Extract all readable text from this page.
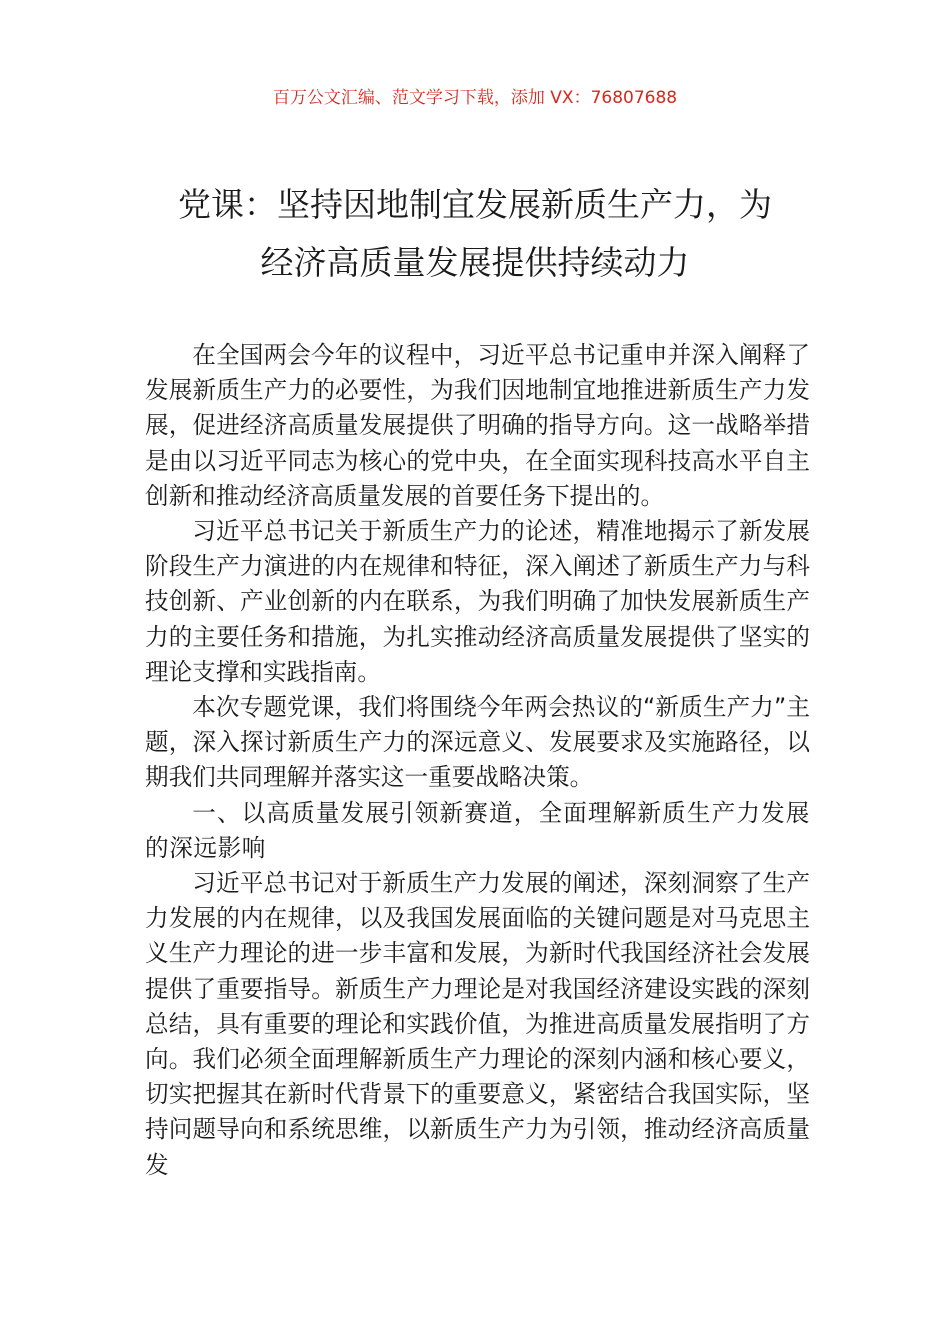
百万公文汇编、范文学习下载，添加 VX：76807688
党课：坚持因地制宜发展新质生产力，为
经济高质量发展提供持续动力

在全国两会今年的议程中，习近平总书记重申并深入阐释了发展新质生产力的必要性，为我们因地制宜地推进新质生产力发展，促进经济高质量发展提供了明确的指导方向。这一战略举措是由以习近平同志为核心的党中央，在全面实现科技高水平自主创新和推动经济高质量发展的首要任务下提出的。

习近平总书记关于新质生产力的论述，精准地揭示了新发展阶段生产力演进的内在规律和特征，深入阐述了新质生产力与科技创新、产业创新的内在联系，为我们明确了加快发展新质生产力的主要任务和措施，为扎实推动经济高质量发展提供了坚实的理论支撑和实践指南。

本次专题党课，我们将围绕今年两会热议的“新质生产力”主题，深入探讨新质生产力的深远意义、发展要求及实施路径，以期我们共同理解并落实这一重要战略决策。

一、以高质量发展引领新赛道，全面理解新质生产力发展的深远影响

习近平总书记对于新质生产力发展的阐述，深刻洞察了生产力发展的内在规律，以及我国发展面临的关键问题是对马克思主义生产力理论的进一步丰富和发展，为新时代我国经济社会发展提供了重要指导。新质生产力理论是对我国经济建设实践的深刻总结，具有重要的理论和实践价值，为推进高质量发展指明了方向。我们必须全面理解新质生产力理论的深刻内涵和核心要义，切实把握其在新时代背景下的重要意义，紧密结合我国实际，坚持问题导向和系统思维，以新质生产力为引领，推动经济高质量发
